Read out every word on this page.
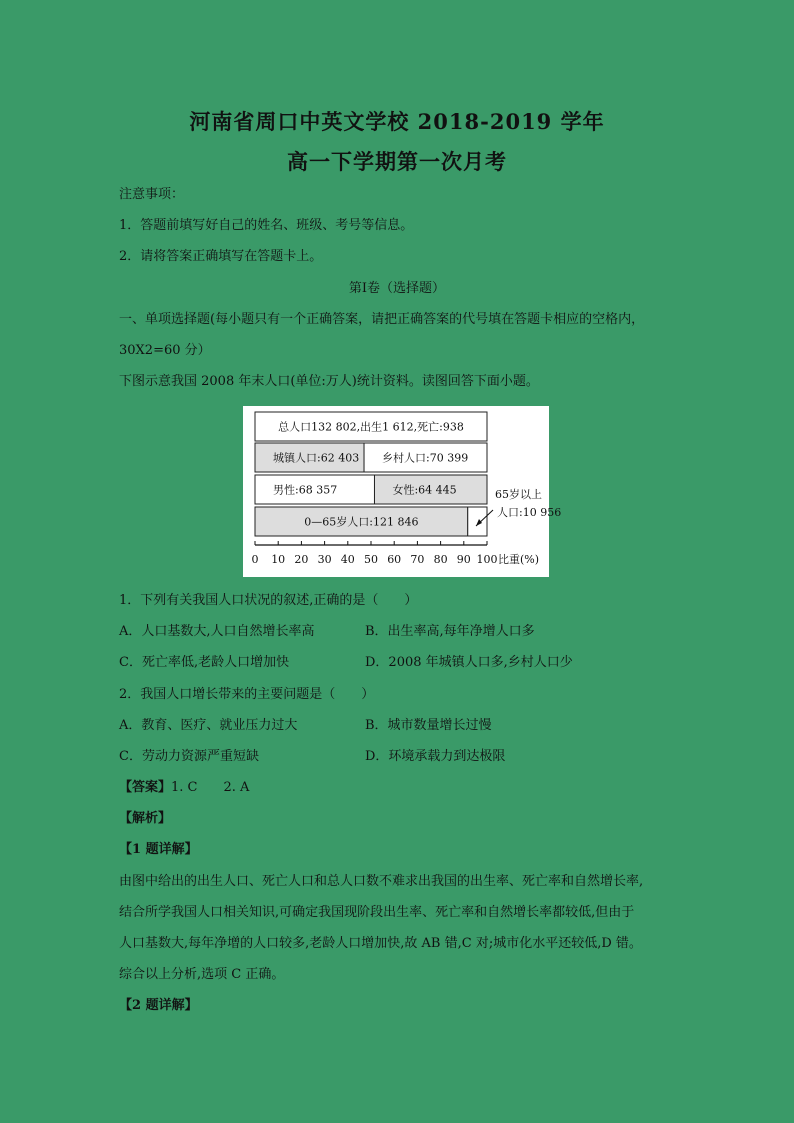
河南省周口中英文学校 2018-2019 学年
高一下学期第一次月考
注意事项：
1．答题前填写好自己的姓名、班级、考号等信息。
2．请将答案正确填写在答题卡上。
第Ⅰ卷（选择题）
一、单项选择题(每小题只有一个正确答案，请把正确答案的代号填在答题卡相应的空格内，
30X2=60 分）
下图示意我国 2008 年末人口(单位:万人)统计资料。读图回答下面小题。
总人口132 802,出生1 612,死亡:938
城镇人口:62 403 乡村人口:70 399
男性:68 357	女性:64 445
0—65岁人口:121 846
65岁以上
人口:10 956
0 10 20 30 40 50 60 70 80 90 100 比重(%)
1．下列有关我国人口状况的叙述,正确的是（　　）
A．人口基数大,人口自然增长率高	B．出生率高,每年净增人口多
C．死亡率低,老龄人口增加快	D．2008 年城镇人口多,乡村人口少
2．我国人口增长带来的主要问题是（　　）
A．教育、医疗、就业压力过大	B．城市数量增长过慢
C．劳动力资源严重短缺	D．环境承载力到达极限
【答案】1. C　　2. A
【解析】
【1 题详解】
由图中给出的出生人口、死亡人口和总人口数不难求出我国的出生率、死亡率和自然增长率,
结合所学我国人口相关知识,可确定我国现阶段出生率、死亡率和自然增长率都较低,但由于
人口基数大,每年净增的人口较多,老龄人口增加快,故 AB 错,C 对;城市化水平还较低,D 错。
综合以上分析,选项 C 正确。
【2 题详解】
